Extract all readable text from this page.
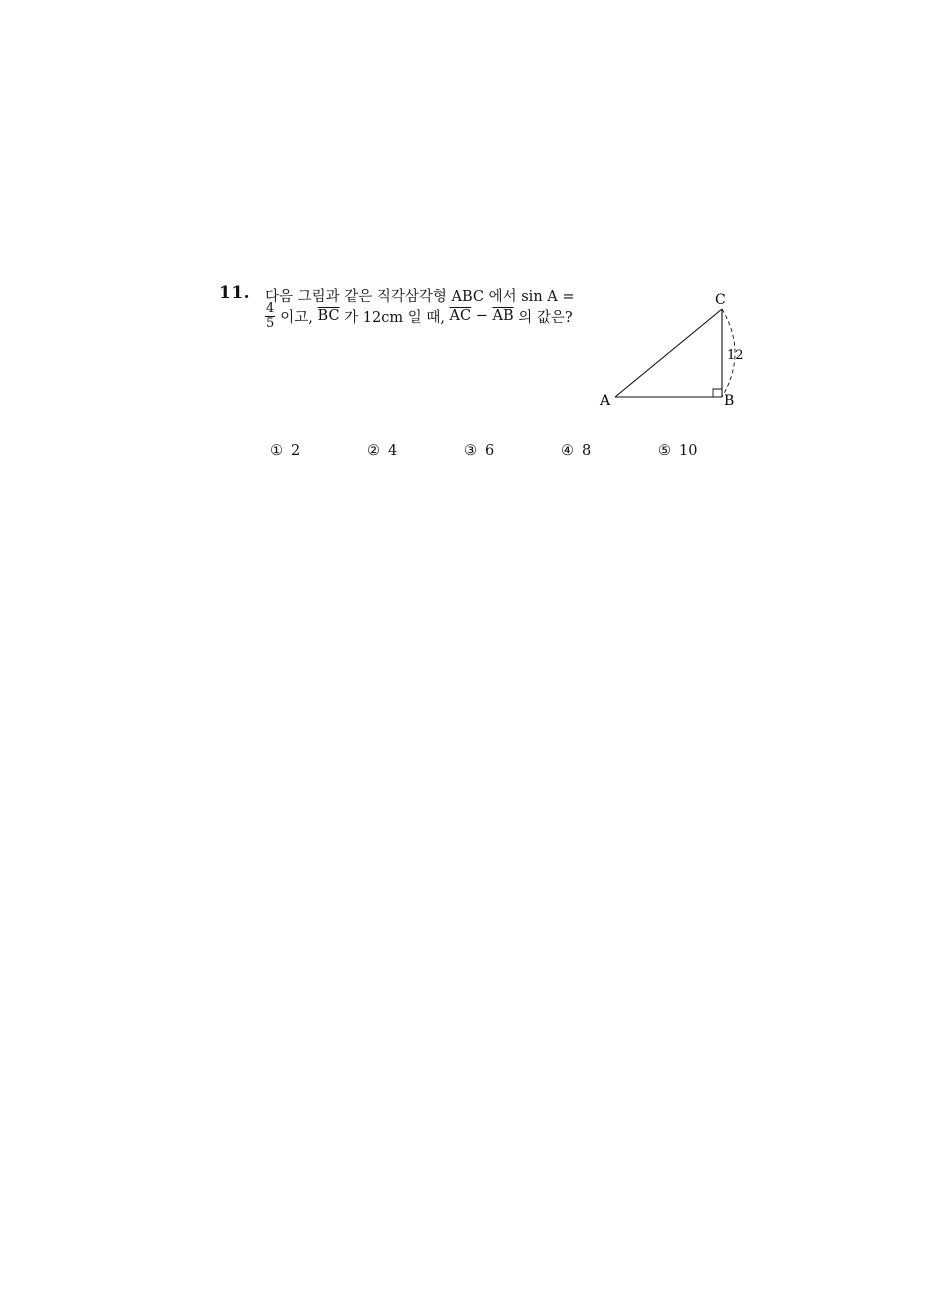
11. 다음 그림과 같은 직각삼각형 ABC 에서 sin A =
$\frac{4}{5}$ 이고, $\overline{BC}$ 가 12cm 일 때, $\overline{AC} - \overline{AB}$ 의 값은?
C
A	B
12
① 2	② 4	③ 6	④ 8	⑤ 10
